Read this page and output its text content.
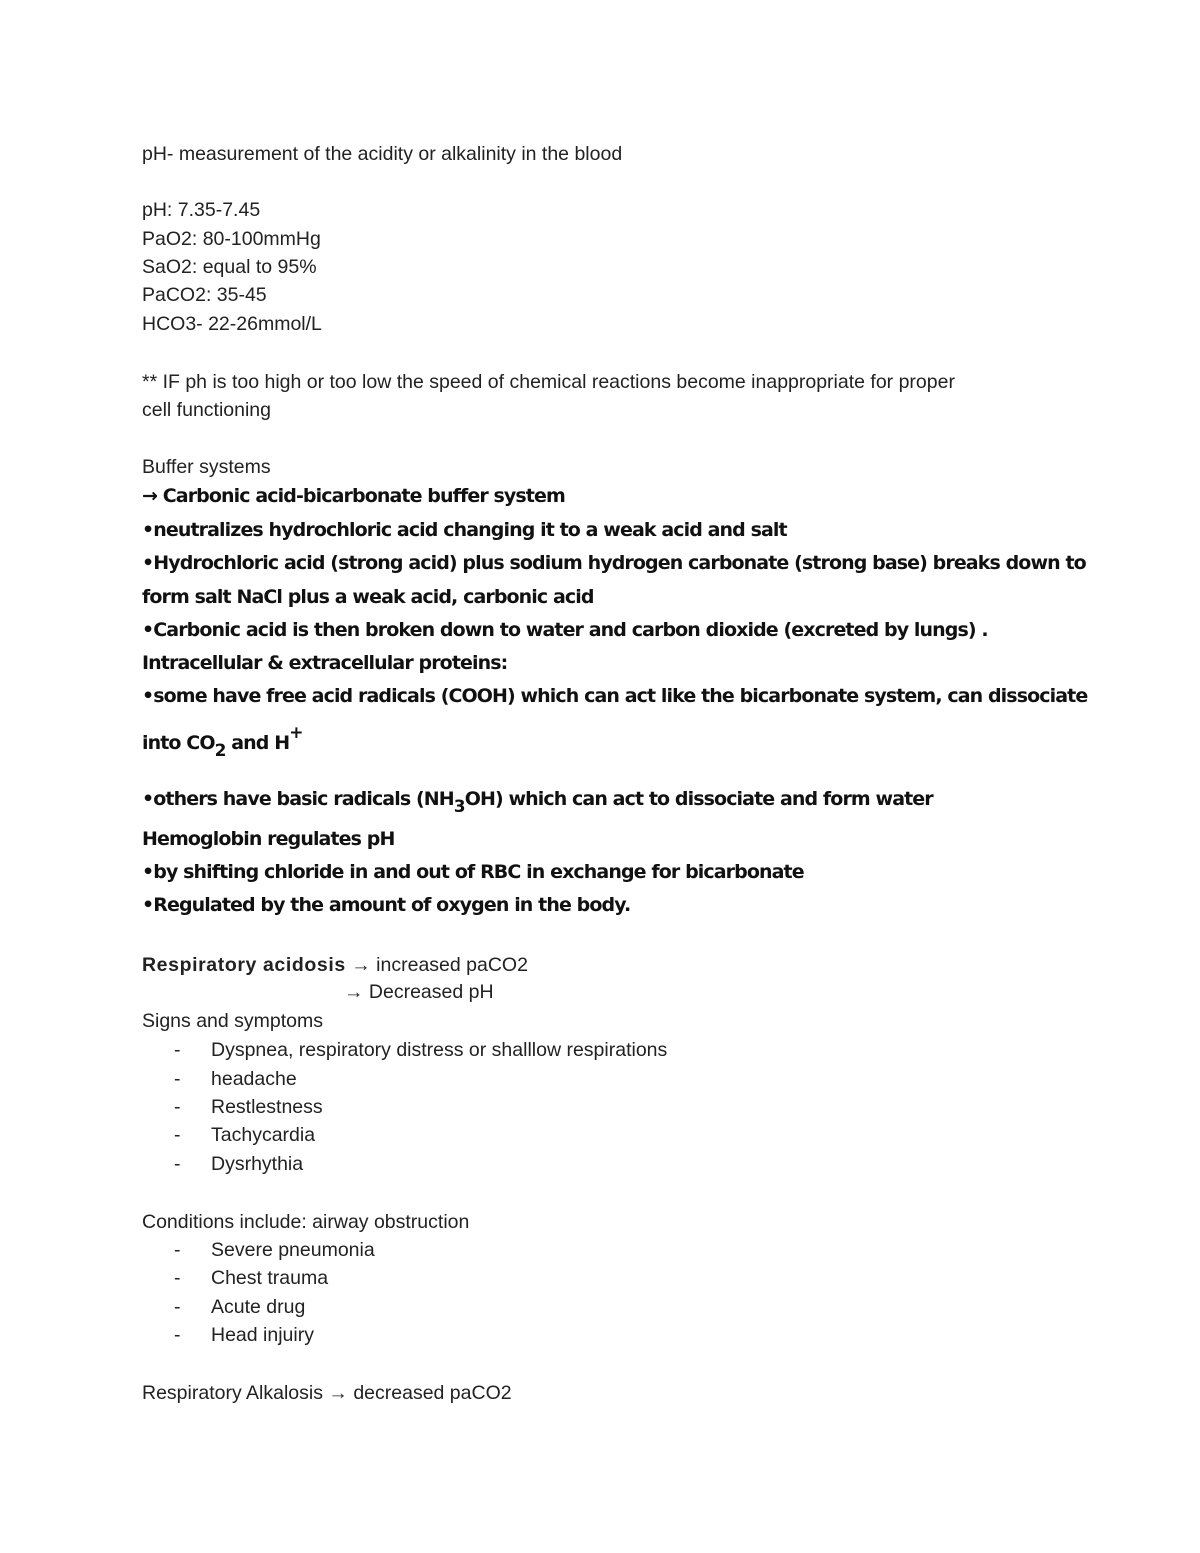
pH- measurement of the acidity or alkalinity in the blood
pH: 7.35-7.45
PaO2: 80-100mmHg
SaO2: equal to 95%
PaCO2: 35-45
HCO3- 22-26mmol/L
** IF ph is too high or too low the speed of chemical reactions become inappropriate for proper
cell functioning
Buffer systems
→ Carbonic acid-bicarbonate buffer system
•neutralizes hydrochloric acid changing it to a weak acid and salt
•Hydrochloric acid (strong acid) plus sodium hydrogen carbonate (strong base) breaks down to
form salt NaCl plus a weak acid, carbonic acid
•Carbonic acid is then broken down to water and carbon dioxide (excreted by lungs) .
Intracellular & extracellular proteins:
•some have free acid radicals (COOH) which can act like the bicarbonate system, can dissociate
into CO2 and H+
•others have basic radicals (NH3OH) which can act to dissociate and form water
Hemoglobin regulates pH
•by shifting chloride in and out of RBC in exchange for bicarbonate
•Regulated by the amount of oxygen in the body.
Respiratory acidosis → increased paCO2
→ Decreased pH
Signs and symptoms
- Dyspnea, respiratory distress or shalllow respirations
- headache
- Restlestness
- Tachycardia
- Dysrhythia
Conditions include: airway obstruction
- Severe pneumonia
- Chest trauma
- Acute drug
- Head injuiry
Respiratory Alkalosis → decreased paCO2
